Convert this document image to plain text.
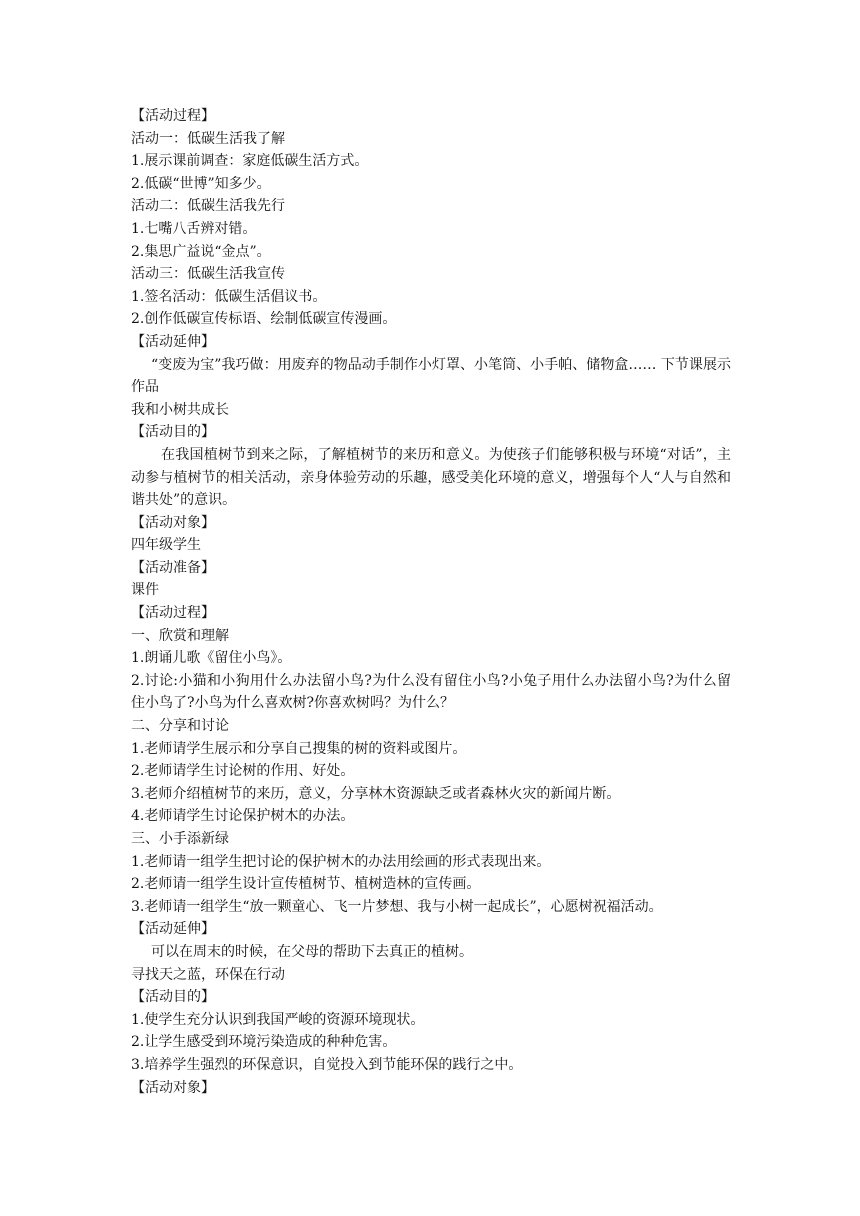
【活动过程】
活动一：低碳生活我了解
1.展示课前调查：家庭低碳生活方式。
2.低碳“世博”知多少。
活动二：低碳生活我先行
1.七嘴八舌辨对错。
2.集思广益说“金点”。
活动三：低碳生活我宣传
1.签名活动：低碳生活倡议书。
2.创作低碳宣传标语、绘制低碳宣传漫画。
【活动延伸】
“变废为宝”我巧做：用废弃的物品动手制作小灯罩、小笔筒、小手帕、储物盒…… 下节课展示作品
我和小树共成长
【活动目的】
在我国植树节到来之际，了解植树节的来历和意义。为使孩子们能够积极与环境“对话”，主动参与植树节的相关活动，亲身体验劳动的乐趣，感受美化环境的意义，增强每个人“人与自然和谐共处”的意识。
【活动对象】
四年级学生
【活动准备】
课件
【活动过程】
一、欣赏和理解
1.朗诵儿歌《留住小鸟》。
2.讨论:小猫和小狗用什么办法留小鸟?为什么没有留住小鸟?小兔子用什么办法留小鸟?为什么留住小鸟了?小鸟为什么喜欢树?你喜欢树吗？为什么？
二、分享和讨论
1.老师请学生展示和分享自己搜集的树的资料或图片。
2.老师请学生讨论树的作用、好处。
3.老师介绍植树节的来历，意义，分享林木资源缺乏或者森林火灾的新闻片断。
4.老师请学生讨论保护树木的办法。
三、小手添新绿
1.老师请一组学生把讨论的保护树木的办法用绘画的形式表现出来。
2.老师请一组学生设计宣传植树节、植树造林的宣传画。
3.老师请一组学生“放一颗童心、飞一片梦想、我与小树一起成长”，心愿树祝福活动。
【活动延伸】
可以在周末的时候，在父母的帮助下去真正的植树。
寻找天之蓝，环保在行动
【活动目的】
1.使学生充分认识到我国严峻的资源环境现状。
2.让学生感受到环境污染造成的种种危害。
3.培养学生强烈的环保意识，自觉投入到节能环保的践行之中。
【活动对象】
